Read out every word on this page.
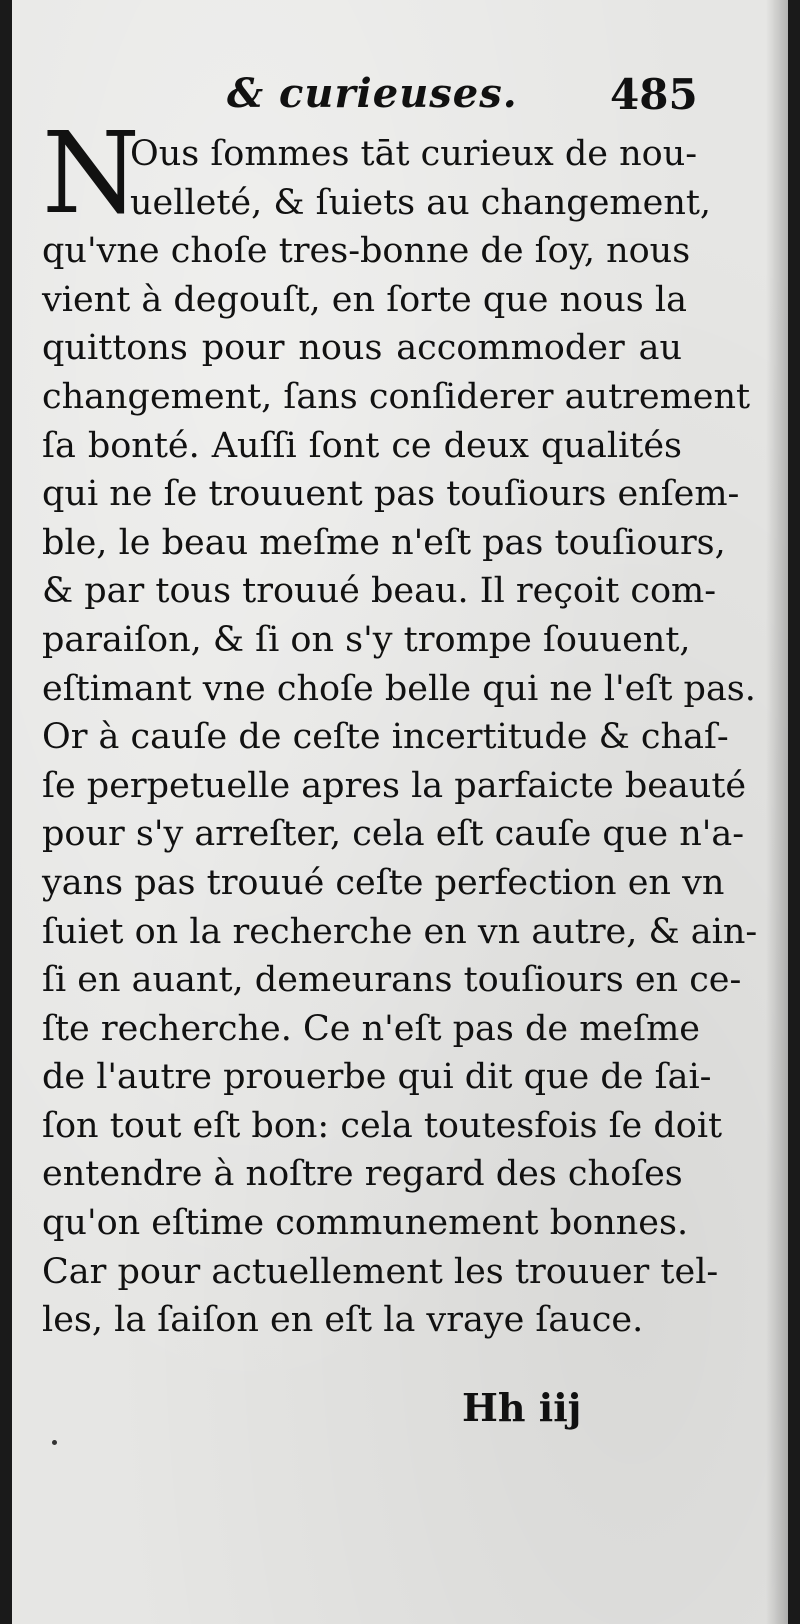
& curieuses. 485
N
Ous ſommes tāt curieux de nou-
uelleté, & ſuiets au changement,
qu'vne choſe tres-bonne de ſoy, nous
vient à degouſt, en ſorte que nous la
quittons pour nous accommoder au
changement, ſans conſiderer autrement
ſa bonté. Auſſi ſont ce deux qualités
qui ne ſe trouuent pas touſiours enſem-
ble, le beau meſme n'eſt pas touſiours,
& par tous trouué beau. Il reçoit com-
paraiſon, & ſi on s'y trompe ſouuent,
eſtimant vne choſe belle qui ne l'eſt pas.
Or à cauſe de ceſte incertitude & chaſ-
ſe perpetuelle apres la parfaicte beauté
pour s'y arreſter, cela eſt cauſe que n'a-
yans pas trouué ceſte perfection en vn
ſuiet on la recherche en vn autre, & ain-
ſi en auant, demeurans touſiours en ce-
ſte recherche. Ce n'eſt pas de meſme
de l'autre prouerbe qui dit que de ſai-
ſon tout eſt bon: cela toutesfois ſe doit
entendre à noſtre regard des choſes
qu'on eſtime communement bonnes.
Car pour actuellement les trouuer tel-
les, la ſaiſon en eſt la vraye ſauce.
Hh iij
